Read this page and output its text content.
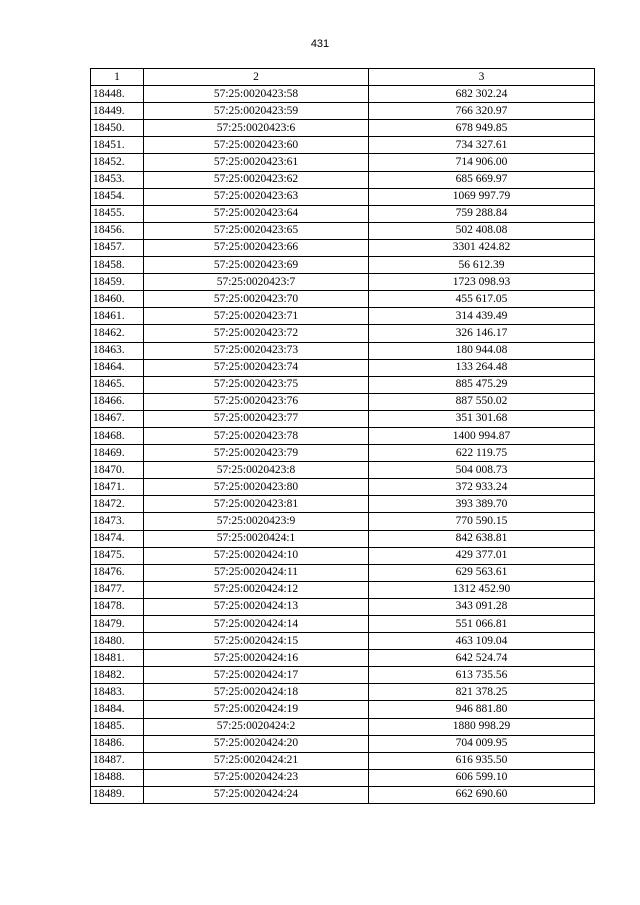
431
1	2	3
18448.	57:25:0020423:58	682 302.24
18449.	57:25:0020423:59	766 320.97
18450.	57:25:0020423:6	678 949.85
18451.	57:25:0020423:60	734 327.61
18452.	57:25:0020423:61	714 906.00
18453.	57:25:0020423:62	685 669.97
18454.	57:25:0020423:63	1069 997.79
18455.	57:25:0020423:64	759 288.84
18456.	57:25:0020423:65	502 408.08
18457.	57:25:0020423:66	3301 424.82
18458.	57:25:0020423:69	56 612.39
18459.	57:25:0020423:7	1723 098.93
18460.	57:25:0020423:70	455 617.05
18461.	57:25:0020423:71	314 439.49
18462.	57:25:0020423:72	326 146.17
18463.	57:25:0020423:73	180 944.08
18464.	57:25:0020423:74	133 264.48
18465.	57:25:0020423:75	885 475.29
18466.	57:25:0020423:76	887 550.02
18467.	57:25:0020423:77	351 301.68
18468.	57:25:0020423:78	1400 994.87
18469.	57:25:0020423:79	622 119.75
18470.	57:25:0020423:8	504 008.73
18471.	57:25:0020423:80	372 933.24
18472.	57:25:0020423:81	393 389.70
18473.	57:25:0020423:9	770 590.15
18474.	57:25:0020424:1	842 638.81
18475.	57:25:0020424:10	429 377.01
18476.	57:25:0020424:11	629 563.61
18477.	57:25:0020424:12	1312 452.90
18478.	57:25:0020424:13	343 091.28
18479.	57:25:0020424:14	551 066.81
18480.	57:25:0020424:15	463 109.04
18481.	57:25:0020424:16	642 524.74
18482.	57:25:0020424:17	613 735.56
18483.	57:25:0020424:18	821 378.25
18484.	57:25:0020424:19	946 881.80
18485.	57:25:0020424:2	1880 998.29
18486.	57:25:0020424:20	704 009.95
18487.	57:25:0020424:21	616 935.50
18488.	57:25:0020424:23	606 599.10
18489.	57:25:0020424:24	662 690.60
